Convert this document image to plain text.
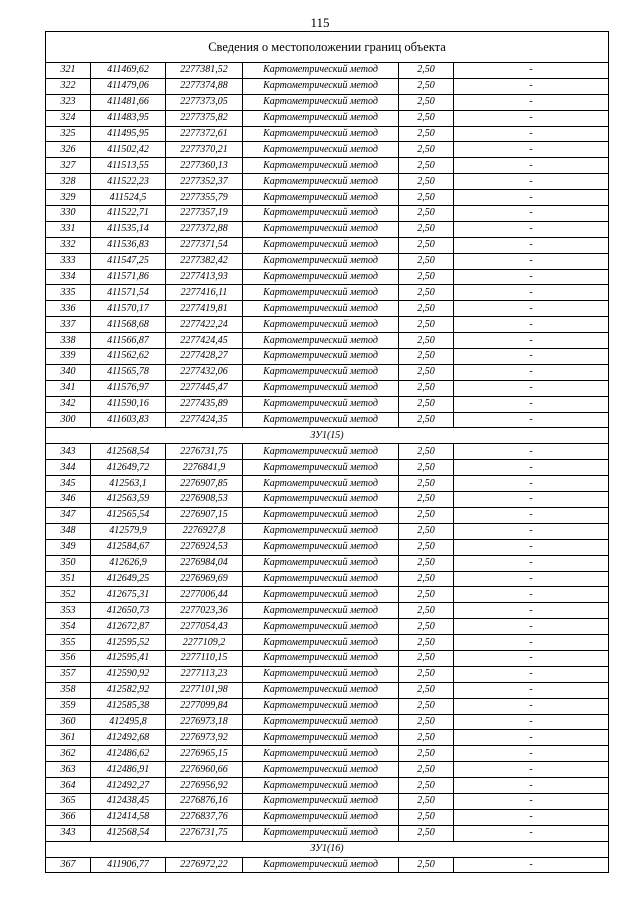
115
Сведения о местоположении границ объекта					
321	411469,62	2277381,52	Картометрический метод	2,50	-
322	411479,06	2277374,88	Картометрический метод	2,50	-
323	411481,66	2277373,05	Картометрический метод	2,50	-
324	411483,95	2277375,82	Картометрический метод	2,50	-
325	411495,95	2277372,61	Картометрический метод	2,50	-
326	411502,42	2277370,21	Картометрический метод	2,50	-
327	411513,55	2277360,13	Картометрический метод	2,50	-
328	411522,23	2277352,37	Картометрический метод	2,50	-
329	411524,5	2277355,79	Картометрический метод	2,50	-
330	411522,71	2277357,19	Картометрический метод	2,50	-
331	411535,14	2277372,88	Картометрический метод	2,50	-
332	411536,83	2277371,54	Картометрический метод	2,50	-
333	411547,25	2277382,42	Картометрический метод	2,50	-
334	411571,86	2277413,93	Картометрический метод	2,50	-
335	411571,54	2277416,11	Картометрический метод	2,50	-
336	411570,17	2277419,81	Картометрический метод	2,50	-
337	411568,68	2277422,24	Картометрический метод	2,50	-
338	411566,87	2277424,45	Картометрический метод	2,50	-
339	411562,62	2277428,27	Картометрический метод	2,50	-
340	411565,78	2277432,06	Картометрический метод	2,50	-
341	411576,97	2277445,47	Картометрический метод	2,50	-
342	411590,16	2277435,89	Картометрический метод	2,50	-
300	411603,83	2277424,35	Картометрический метод	2,50	-
ЗУ1(15)					
343	412568,54	2276731,75	Картометрический метод	2,50	-
344	412649,72	2276841,9	Картометрический метод	2,50	-
345	412563,1	2276907,85	Картометрический метод	2,50	-
346	412563,59	2276908,53	Картометрический метод	2,50	-
347	412565,54	2276907,15	Картометрический метод	2,50	-
348	412579,9	2276927,8	Картометрический метод	2,50	-
349	412584,67	2276924,53	Картометрический метод	2,50	-
350	412626,9	2276984,04	Картометрический метод	2,50	-
351	412649,25	2276969,69	Картометрический метод	2,50	-
352	412675,31	2277006,44	Картометрический метод	2,50	-
353	412650,73	2277023,36	Картометрический метод	2,50	-
354	412672,87	2277054,43	Картометрический метод	2,50	-
355	412595,52	2277109,2	Картометрический метод	2,50	-
356	412595,41	2277110,15	Картометрический метод	2,50	-
357	412590,92	2277113,23	Картометрический метод	2,50	-
358	412582,92	2277101,98	Картометрический метод	2,50	-
359	412585,38	2277099,84	Картометрический метод	2,50	-
360	412495,8	2276973,18	Картометрический метод	2,50	-
361	412492,68	2276973,92	Картометрический метод	2,50	-
362	412486,62	2276965,15	Картометрический метод	2,50	-
363	412486,91	2276960,66	Картометрический метод	2,50	-
364	412492,27	2276956,92	Картометрический метод	2,50	-
365	412438,45	2276876,16	Картометрический метод	2,50	-
366	412414,58	2276837,76	Картометрический метод	2,50	-
343	412568,54	2276731,75	Картометрический метод	2,50	-
ЗУ1(16)					
367	411906,77	2276972,22	Картометрический метод	2,50	-
